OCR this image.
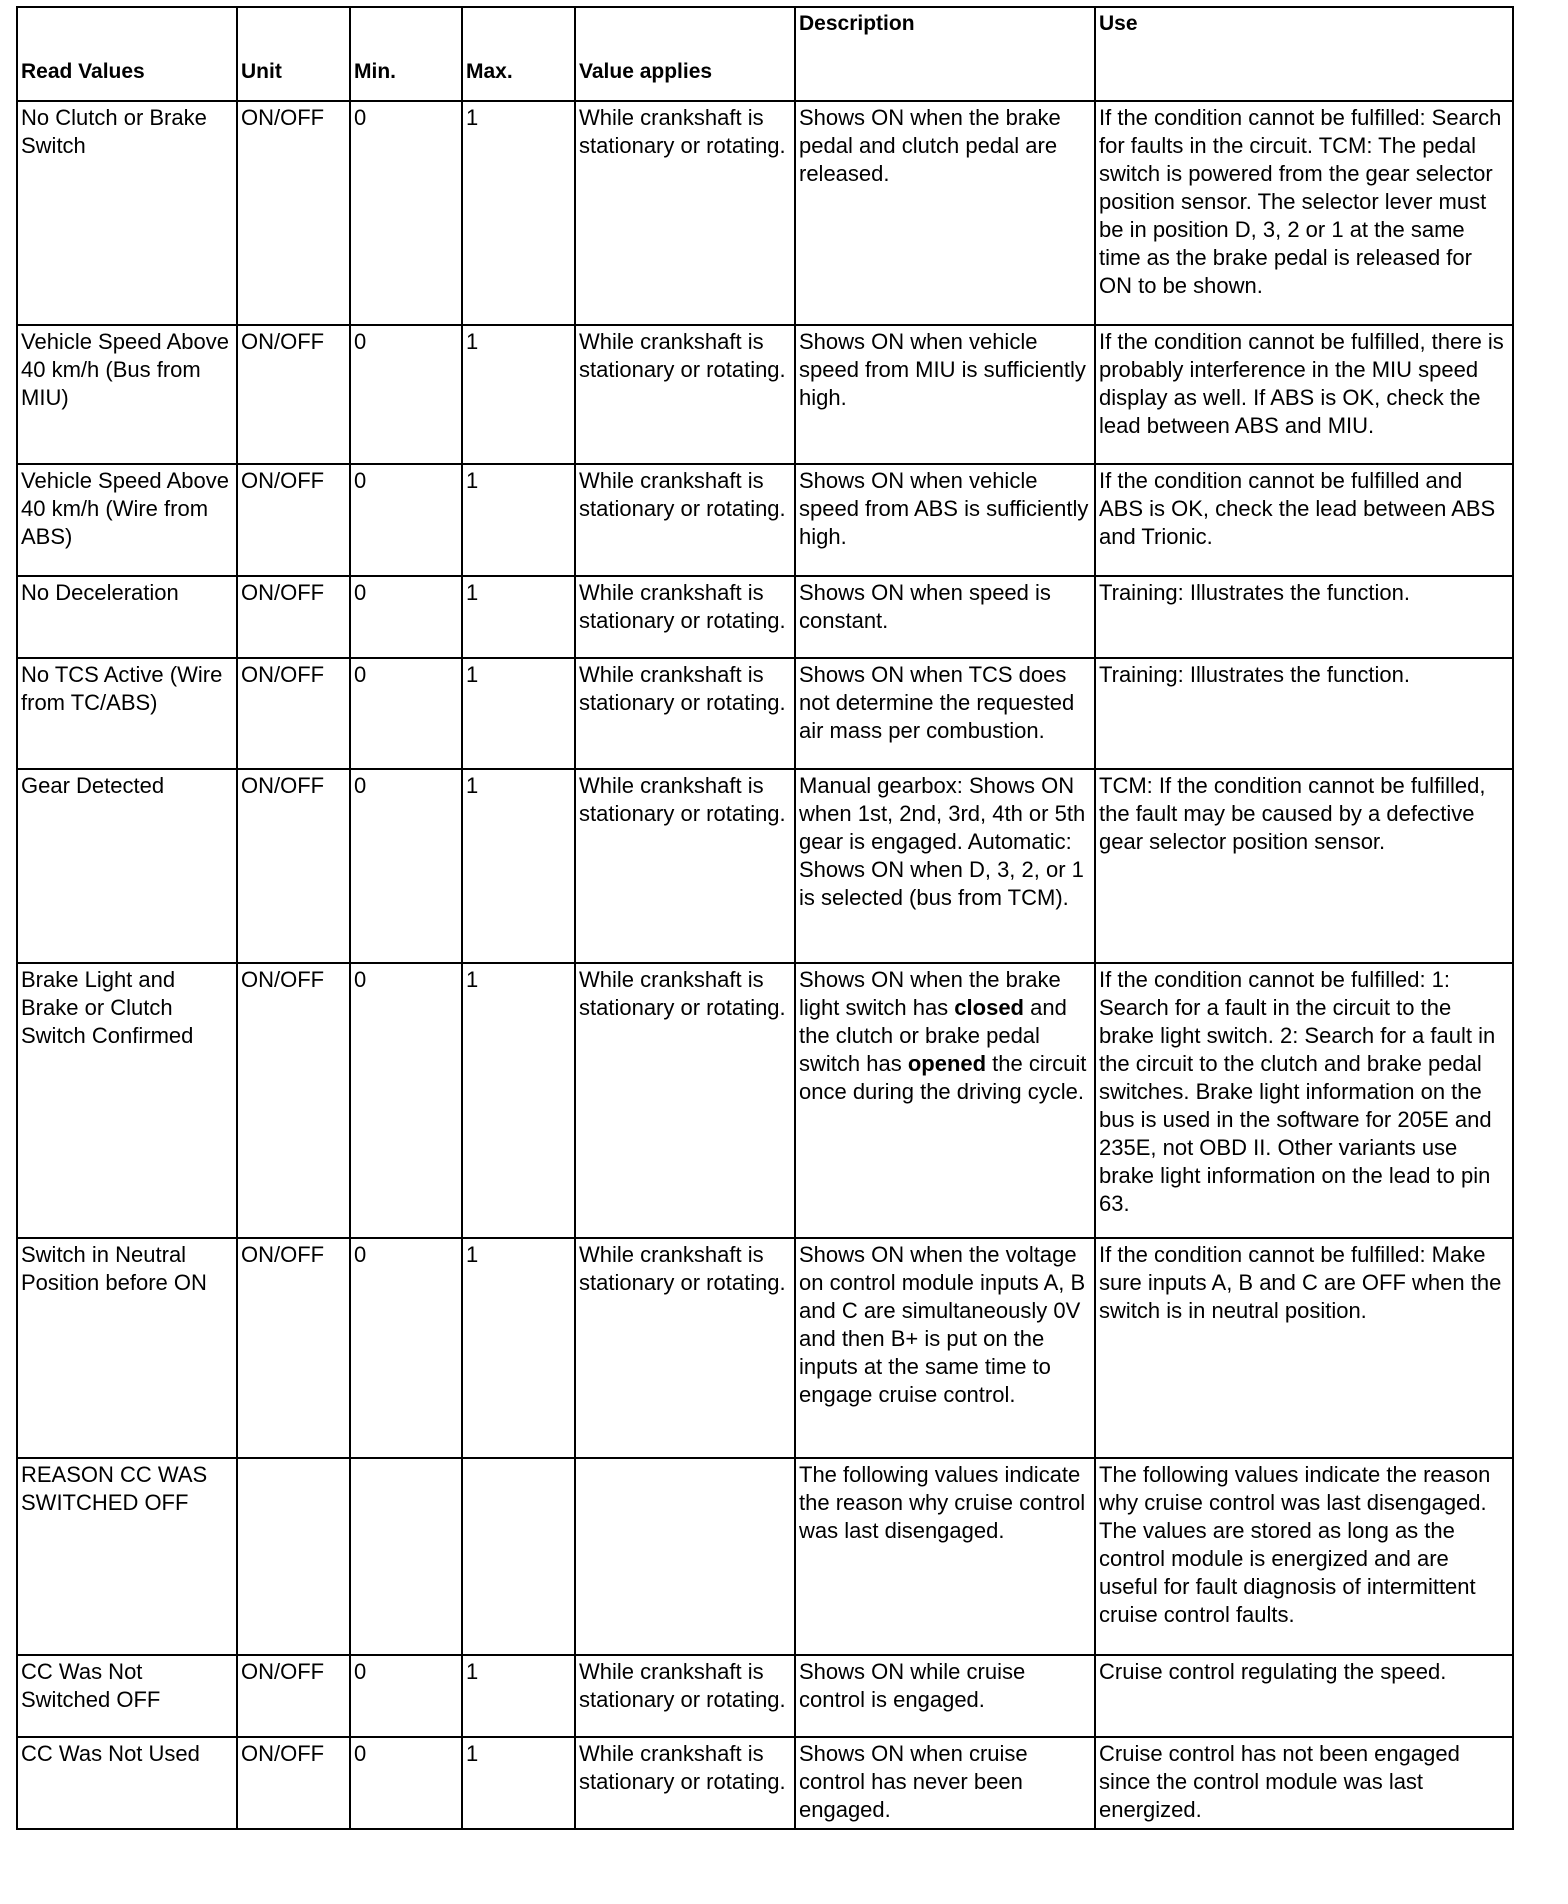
Read Values	Unit	Min.	Max.	Value applies	Description	Use
No Clutch or Brake Switch	ON/OFF	0	1	While crankshaft is stationary or rotating.	Shows ON when the brake pedal and clutch pedal are released.	If the condition cannot be fulfilled: Search for faults in the circuit. TCM: The pedal switch is powered from the gear selector position sensor. The selector lever must be in position D, 3, 2 or 1 at the same time as the brake pedal is released for ON to be shown.
Vehicle Speed Above 40 km/h (Bus from MIU)	ON/OFF	0	1	While crankshaft is stationary or rotating.	Shows ON when vehicle speed from MIU is sufficiently high.	If the condition cannot be fulfilled, there is probably interference in the MIU speed display as well. If ABS is OK, check the lead between ABS and MIU.
Vehicle Speed Above 40 km/h (Wire from ABS)	ON/OFF	0	1	While crankshaft is stationary or rotating.	Shows ON when vehicle speed from ABS is sufficiently high.	If the condition cannot be fulfilled and ABS is OK, check the lead between ABS and Trionic.
No Deceleration	ON/OFF	0	1	While crankshaft is stationary or rotating.	Shows ON when speed is constant.	Training: Illustrates the function.
No TCS Active (Wire from TC/ABS)	ON/OFF	0	1	While crankshaft is stationary or rotating.	Shows ON when TCS does not determine the requested air mass per combustion.	Training: Illustrates the function.
Gear Detected	ON/OFF	0	1	While crankshaft is stationary or rotating.	Manual gearbox: Shows ON when 1st, 2nd, 3rd, 4th or 5th gear is engaged. Automatic: Shows ON when D, 3, 2, or 1 is selected (bus from TCM).	TCM: If the condition cannot be fulfilled, the fault may be caused by a defective gear selector position sensor.
Brake Light and Brake or Clutch Switch Confirmed	ON/OFF	0	1	While crankshaft is stationary or rotating.	Shows ON when the brake light switch has closed and the clutch or brake pedal switch has opened the circuit once during the driving cycle.	If the condition cannot be fulfilled: 1: Search for a fault in the circuit to the brake light switch. 2: Search for a fault in the circuit to the clutch and brake pedal switches. Brake light information on the bus is used in the software for 205E and 235E, not OBD II. Other variants use brake light information on the lead to pin 63.
Switch in Neutral Position before ON	ON/OFF	0	1	While crankshaft is stationary or rotating.	Shows ON when the voltage on control module inputs A, B and C are simultaneously 0V and then B+ is put on the inputs at the same time to engage cruise control.	If the condition cannot be fulfilled: Make sure inputs A, B and C are OFF when the switch is in neutral position.
REASON CC WAS SWITCHED OFF					The following values indicate the reason why cruise control was last disengaged.	The following values indicate the reason why cruise control was last disengaged. The values are stored as long as the control module is energized and are useful for fault diagnosis of intermittent cruise control faults.
CC Was Not Switched OFF	ON/OFF	0	1	While crankshaft is stationary or rotating.	Shows ON while cruise control is engaged.	Cruise control regulating the speed.
CC Was Not Used	ON/OFF	0	1	While crankshaft is stationary or rotating.	Shows ON when cruise control has never been engaged.	Cruise control has not been engaged since the control module was last energized.
